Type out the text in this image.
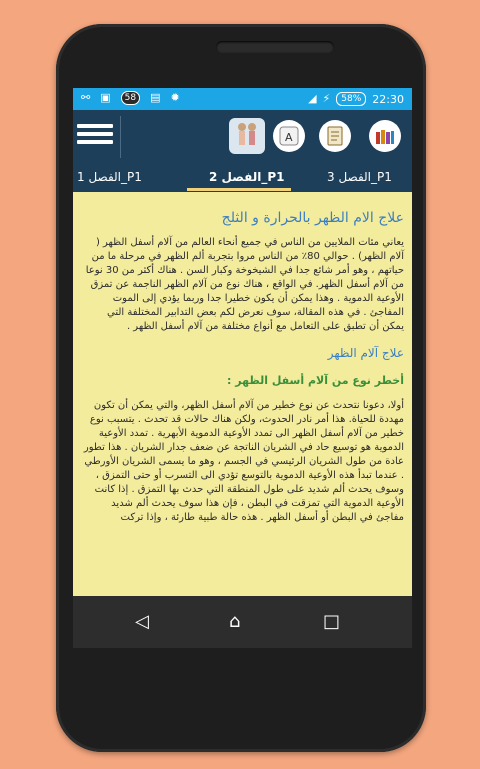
⚯ ▣	58	▤ ✹	◢ ⚡	58%	22:30
A
الفصل 1_P1	الفصل 2_P1	الفصل 3_P1
علاج الام الظهر بالحرارة و الثلج

يعاني مئات الملايين من الناس في جميع أنحاء العالم من آلام أسفل الظهر ( آلام الظهر) . حوالي 80٪ من الناس مروا بتجربة ألم الظهر في مرحلة ما من حياتهم ، وهو أمر شائع جدا في الشيخوخة وكبار السن . هناك أكثر من 30 نوعا من آلام أسفل الظهر. في الواقع ، هناك نوع من آلام الظهر الناجمة عن تمزق الأوعية الدموية . وهذا يمكن أن يكون خطيرا جدا وربما يؤدي إلى الموت المفاجئ . في هذه المقالة، سوف نعرض لكم بعض التدابير المختلفة التي يمكن أن تطبق على التعامل مع أنواع مختلفة من آلام أسفل الظهر .

علاج آلام الظهر
أخطر نوع من آلام أسفل الظهر :

أولا، دعونا نتحدث عن نوع خطير من آلام أسفل الظهر، والتي يمكن أن تكون مهددة للحياة. هذا أمر نادر الحدوث، ولكن هناك حالات قد تحدث . يتسبب نوع خطير من آلام أسفل الظهر الى تمدد الأوعية الدموية الأبهرية . تمدد الأوعية الدموية هو توسيع حاد في الشريان الناتجة عن ضعف جدار الشريان . هذا تطور عادة من طول الشريان الرئيسي في الجسم ، وهو ما يسمى الشريان الأورطي . عندما تبدأ هذه الأوعية الدموية بالتوسع تؤدي الى التسرب أو حتى التمزق ، وسوف يحدث ألم شديد على طول المنطقة التي حدث بها التمزق . إذا كانت الأوعية الدموية التي تمزقت في البطن ، فإن هذا سوف يحدث ألم شديد مفاجئ في البطن أو أسفل الظهر . هذه حالة طبية طارئة ، وإذا تركت

◁	⌂	□
